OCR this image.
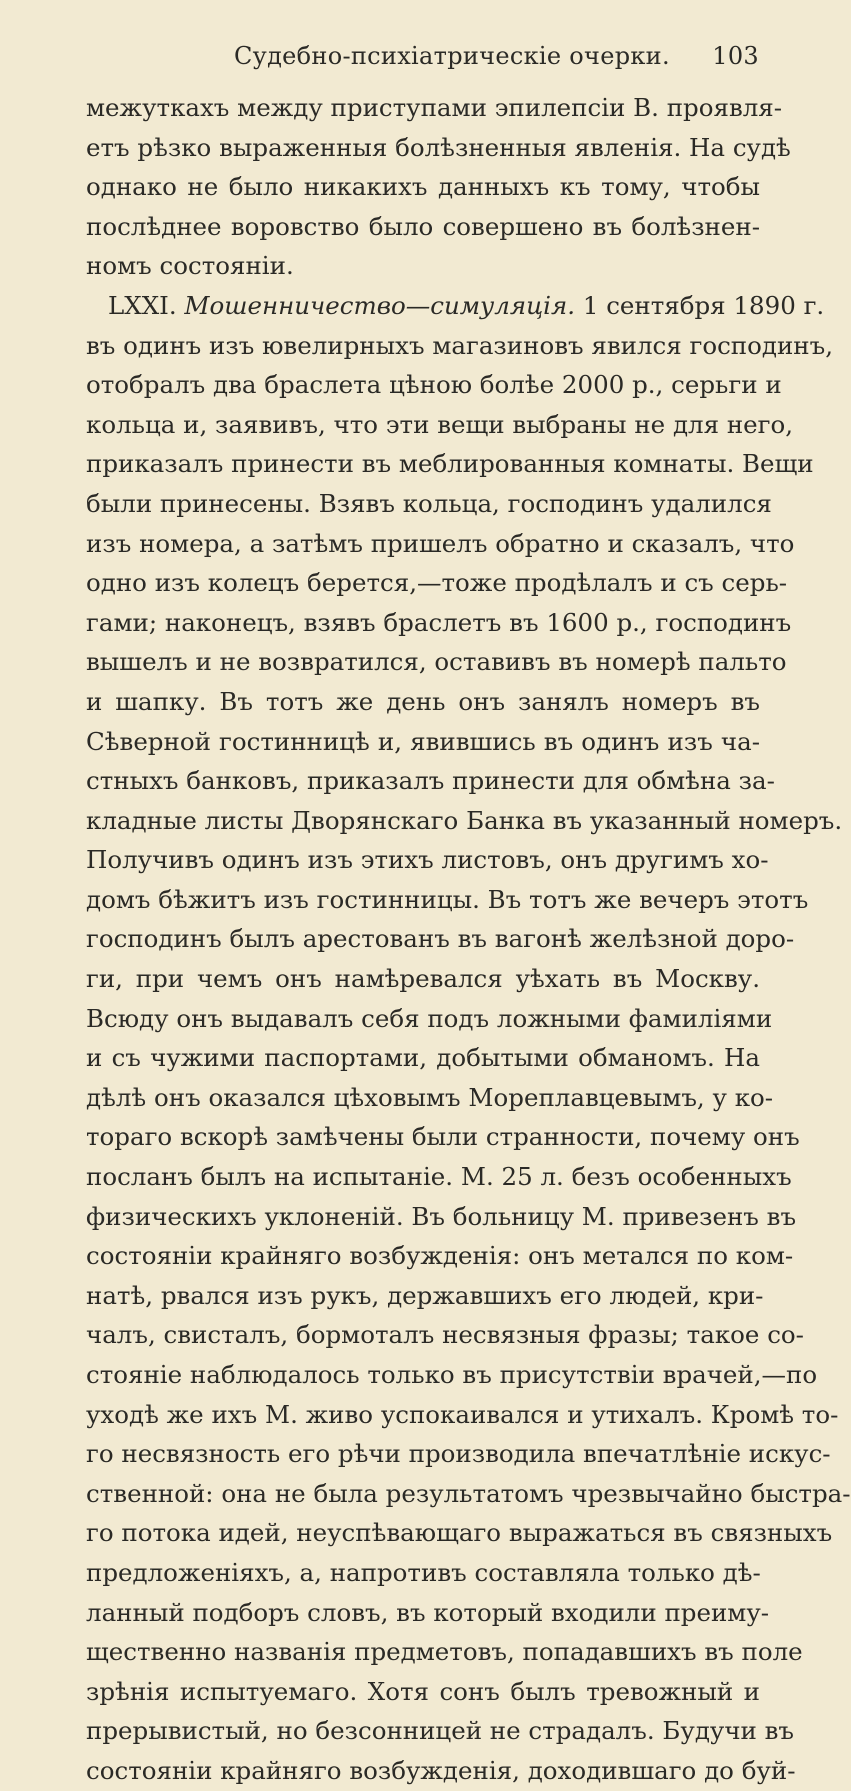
Судебно-психіатрическіе очерки. 103
межуткахъ между приступами эпилепсіи В. проявля-
етъ рѣзко выраженныя болѣзненныя явленія. На судѣ
однако не было никакихъ данныхъ къ тому, чтобы
послѣднее воровство было совершено въ болѣзнен-
номъ состояніи.
LXXI. Мошенничество—симуляція. 1 сентября 1890 г.
въ одинъ изъ ювелирныхъ магазиновъ явился господинъ,
отобралъ два браслета цѣною болѣе 2000 р., серьги и
кольца и, заявивъ, что эти вещи выбраны не для него,
приказалъ принести въ меблированныя комнаты. Вещи
были принесены. Взявъ кольца, господинъ удалился
изъ номера, а затѣмъ пришелъ обратно и сказалъ, что
одно изъ колецъ берется,—тоже продѣлалъ и съ серь-
гами; наконецъ, взявъ браслетъ въ 1600 р., господинъ
вышелъ и не возвратился, оставивъ въ номерѣ пальто
и шапку. Въ тотъ же день онъ занялъ номеръ въ
Сѣверной гостинницѣ и, явившись въ одинъ изъ ча-
стныхъ банковъ, приказалъ принести для обмѣна за-
кладные листы Дворянскаго Банка въ указанный номеръ.
Получивъ одинъ изъ этихъ листовъ, онъ другимъ хо-
домъ бѣжитъ изъ гостинницы. Въ тотъ же вечеръ этотъ
господинъ былъ арестованъ въ вагонѣ желѣзной доро-
ги, при чемъ онъ намѣревался уѣхать въ Москву.
Всюду онъ выдавалъ себя подъ ложными фамиліями
и съ чужими паспортами, добытыми обманомъ. На
дѣлѣ онъ оказался цѣховымъ Мореплавцевымъ, у ко-
тораго вскорѣ замѣчены были странности, почему онъ
посланъ былъ на испытаніе. М. 25 л. безъ особенныхъ
физическихъ уклоненій. Въ больницу М. привезенъ въ
состояніи крайняго возбужденія: онъ метался по ком-
натѣ, рвался изъ рукъ, державшихъ его людей, кри-
чалъ, свисталъ, бормоталъ несвязныя фразы; такое со-
стояніе наблюдалось только въ присутствіи врачей,—по
уходѣ же ихъ М. живо успокаивался и утихалъ. Кромѣ то-
го несвязность его рѣчи производила впечатлѣніе искус-
ственной: она не была результатомъ чрезвычайно быстра-
го потока идей, неуспѣвающаго выражаться въ связныхъ
предложеніяхъ, а, напротивъ составляла только дѣ-
ланный подборъ словъ, въ который входили преиму-
щественно названія предметовъ, попадавшихъ въ поле
зрѣнія испытуемаго. Хотя сонъ былъ тревожный и
прерывистый, но безсонницей не страдалъ. Будучи въ
состояніи крайняго возбужденія, доходившаго до буй-
